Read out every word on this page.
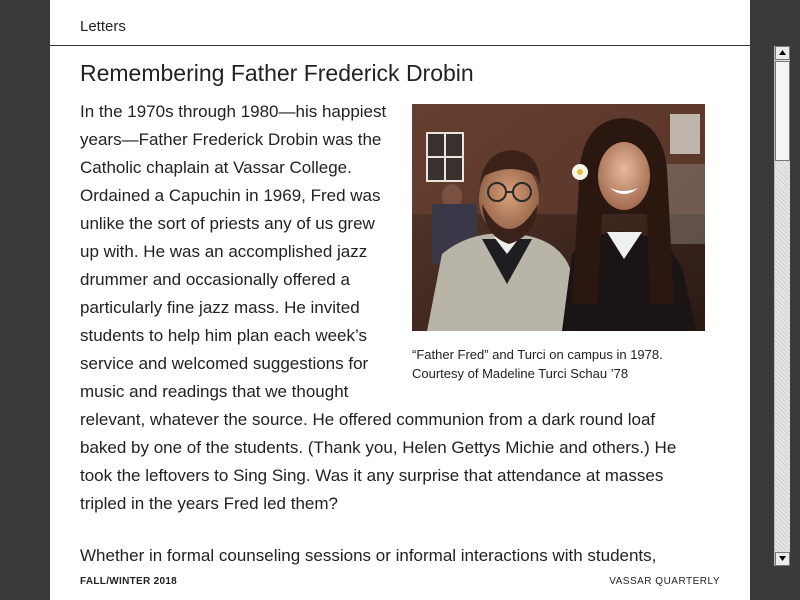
Letters
Remembering Father Frederick Drobin
“Father Fred” and Turci on campus in 1978.
Courtesy of Madeline Turci Schau ’78

In the 1970s through 1980—his happiest years—Father Frederick Drobin was the Catholic chaplain at Vassar College. Ordained a Capuchin in 1969, Fred was unlike the sort of priests any of us grew up with. He was an accomplished jazz drummer and occasionally offered a particularly fine jazz mass. He invited students to help him plan each week’s service and welcomed suggestions for music and readings that we thought relevant, whatever the source. He offered communion from a dark round loaf baked by one of the students. (Thank you, Helen Gettys Michie and others.) He took the leftovers to Sing Sing. Was it any surprise that attendance at masses tripled in the years Fred led them?

Whether in formal counseling sessions or informal interactions with students,

FALL/WINTER 2018	VASSAR QUARTERLY
